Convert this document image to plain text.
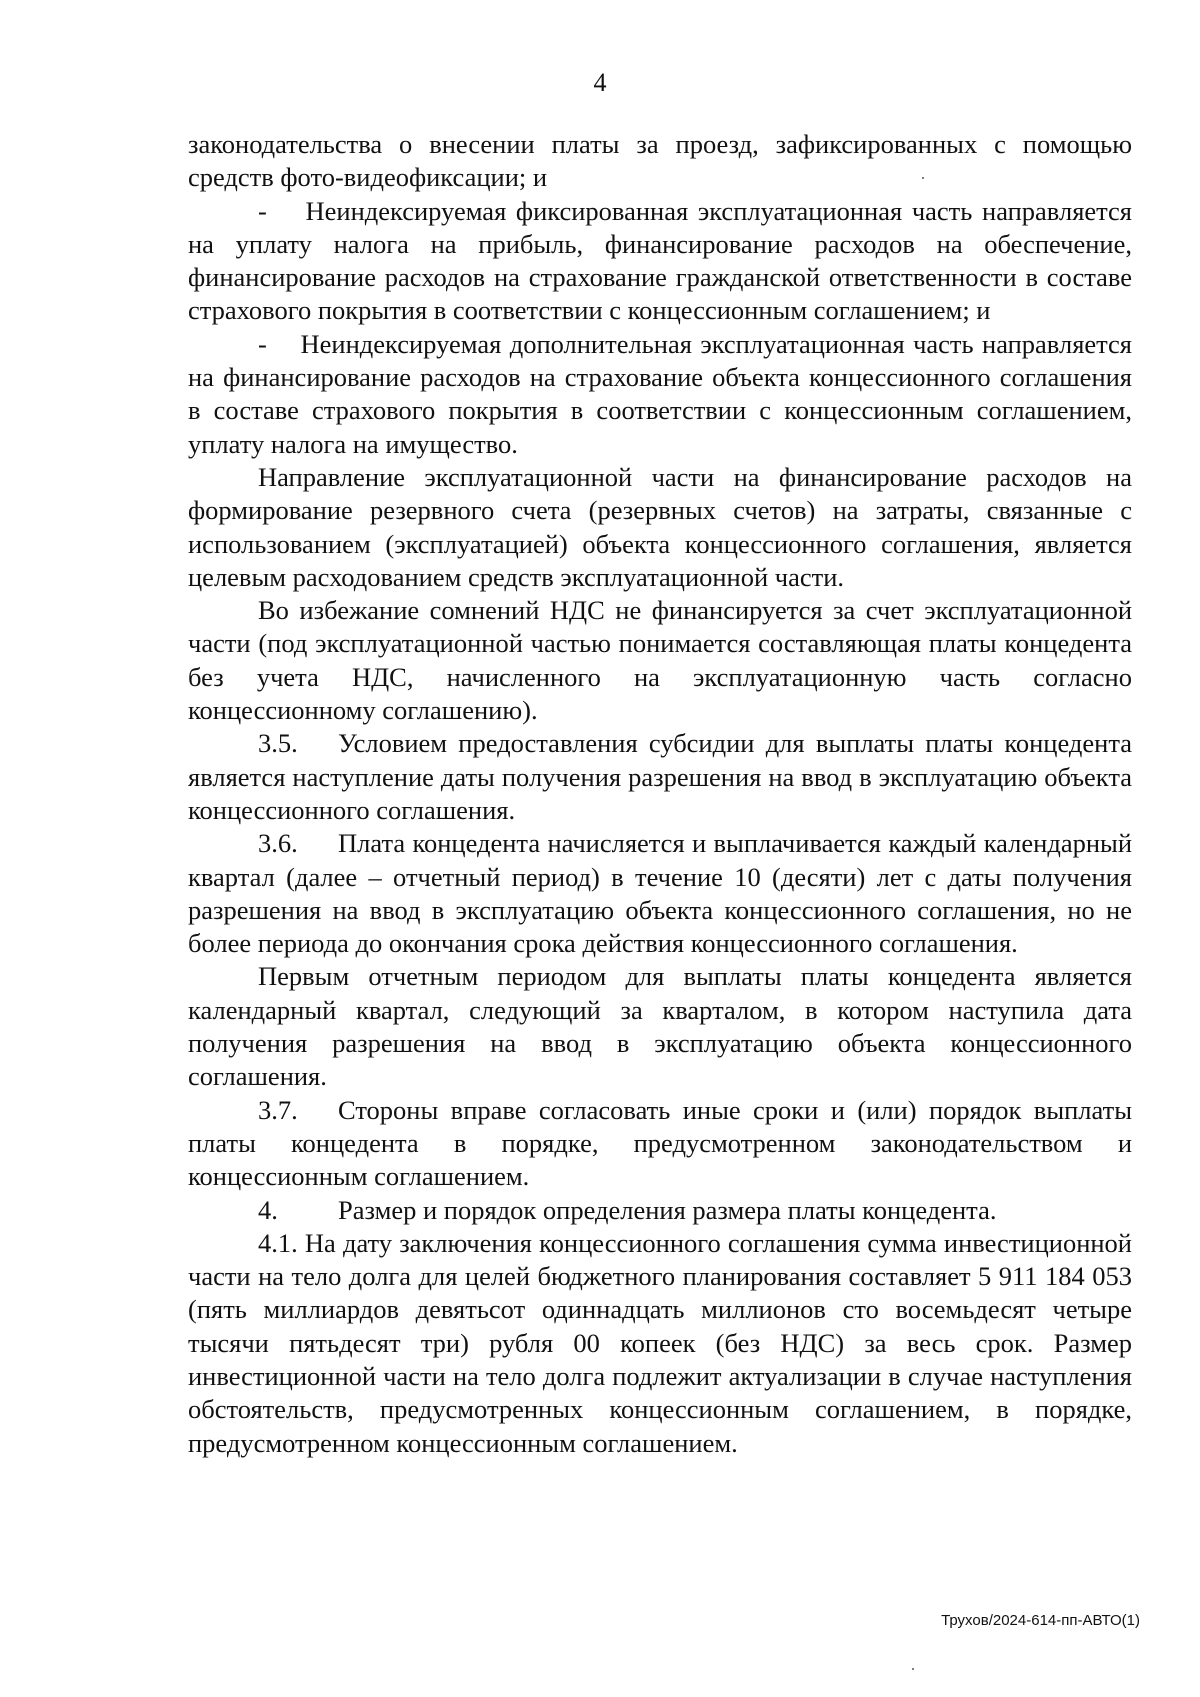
4

законодательства о внесении платы за проезд, зафиксированных с помощью средств фото-видеофиксации; и

-    Неиндексируемая фиксированная эксплуатационная часть направляется на уплату налога на прибыль, финансирование расходов на обеспечение, финансирование расходов на страхование гражданской ответственности в составе страхового покрытия в соответствии с концессионным соглашением; и

-    Неиндексируемая дополнительная эксплуатационная часть направляется на финансирование расходов на страхование объекта концессионного соглашения в составе страхового покрытия в соответствии с концессионным соглашением, уплату налога на имущество.

Направление эксплуатационной части на финансирование расходов на формирование резервного счета (резервных счетов) на затраты, связанные с использованием (эксплуатацией) объекта концессионного соглашения, является целевым расходованием средств эксплуатационной части.

Во избежание сомнений НДС не финансируется за счет эксплуатационной части (под эксплуатационной частью понимается составляющая платы концедента без учета НДС, начисленного на эксплуатационную часть согласно концессионному соглашению).

3.5. Условием предоставления субсидии для выплаты платы концедента является наступление даты получения разрешения на ввод в эксплуатацию объекта концессионного соглашения.

3.6. Плата концедента начисляется и выплачивается каждый календарный квартал (далее – отчетный период) в течение 10 (десяти) лет с даты получения разрешения на ввод в эксплуатацию объекта концессионного соглашения, но не более периода до окончания срока действия концессионного соглашения.

Первым отчетным периодом для выплаты платы концедента является календарный квартал, следующий за кварталом, в котором наступила дата получения разрешения на ввод в эксплуатацию объекта концессионного соглашения.

3.7. Стороны вправе согласовать иные сроки и (или) порядок выплаты платы концедента в порядке, предусмотренном законодательством и концессионным соглашением.

4. Размер и порядок определения размера платы концедента.

4.1. На дату заключения концессионного соглашения сумма инвестиционной части на тело долга для целей бюджетного планирования составляет 5 911 184 053 (пять миллиардов девятьсот одиннадцать миллионов сто восемьдесят четыре тысячи пятьдесят три) рубля 00 копеек (без НДС) за весь срок. Размер инвестиционной части на тело долга подлежит актуализации в случае наступления обстоятельств, предусмотренных концессионным соглашением, в порядке, предусмотренном концессионным соглашением.

Трухов/2024-614-пп-АВТО(1)
